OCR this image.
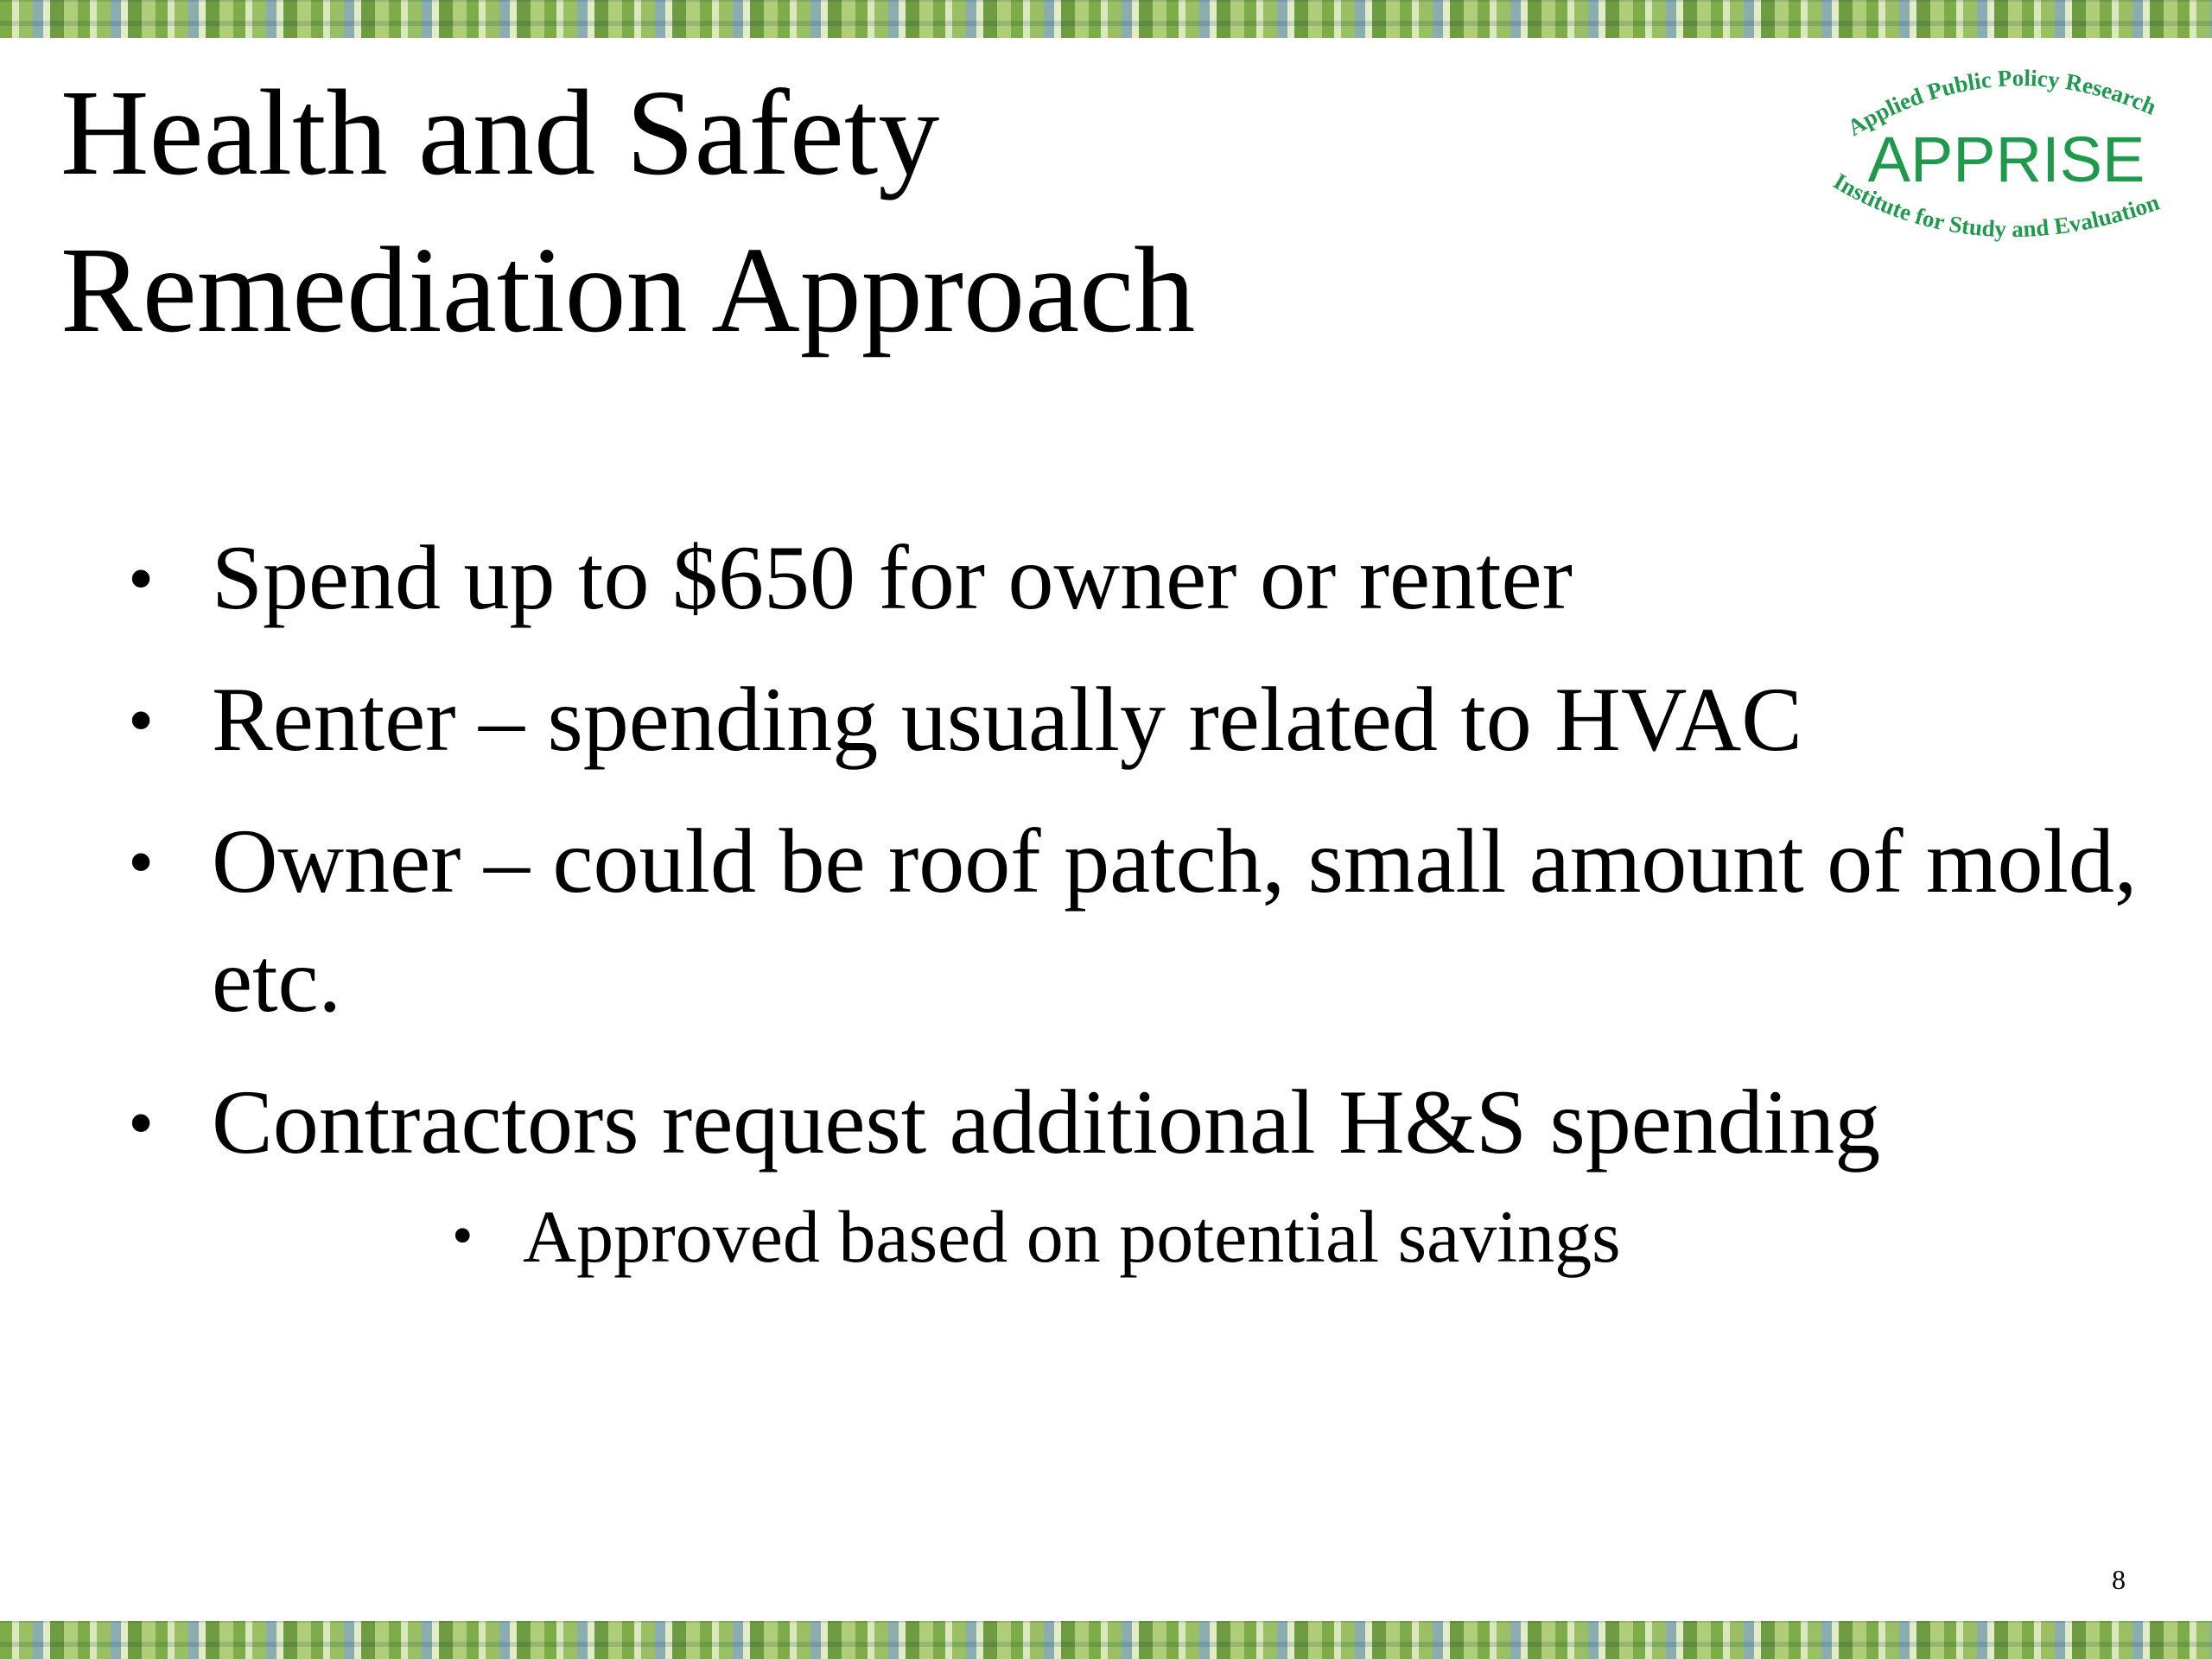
Health and Safety
Remediation Approach
Applied Public Policy Research
APPRISE
Institute for Study and Evaluation
• Spend up to $650 for owner or renter
• Renter – spending usually related to HVAC
• Owner – could be roof patch, small amount of mold, etc.
• Contractors request additional H&S spending
• Approved based on potential savings
8
